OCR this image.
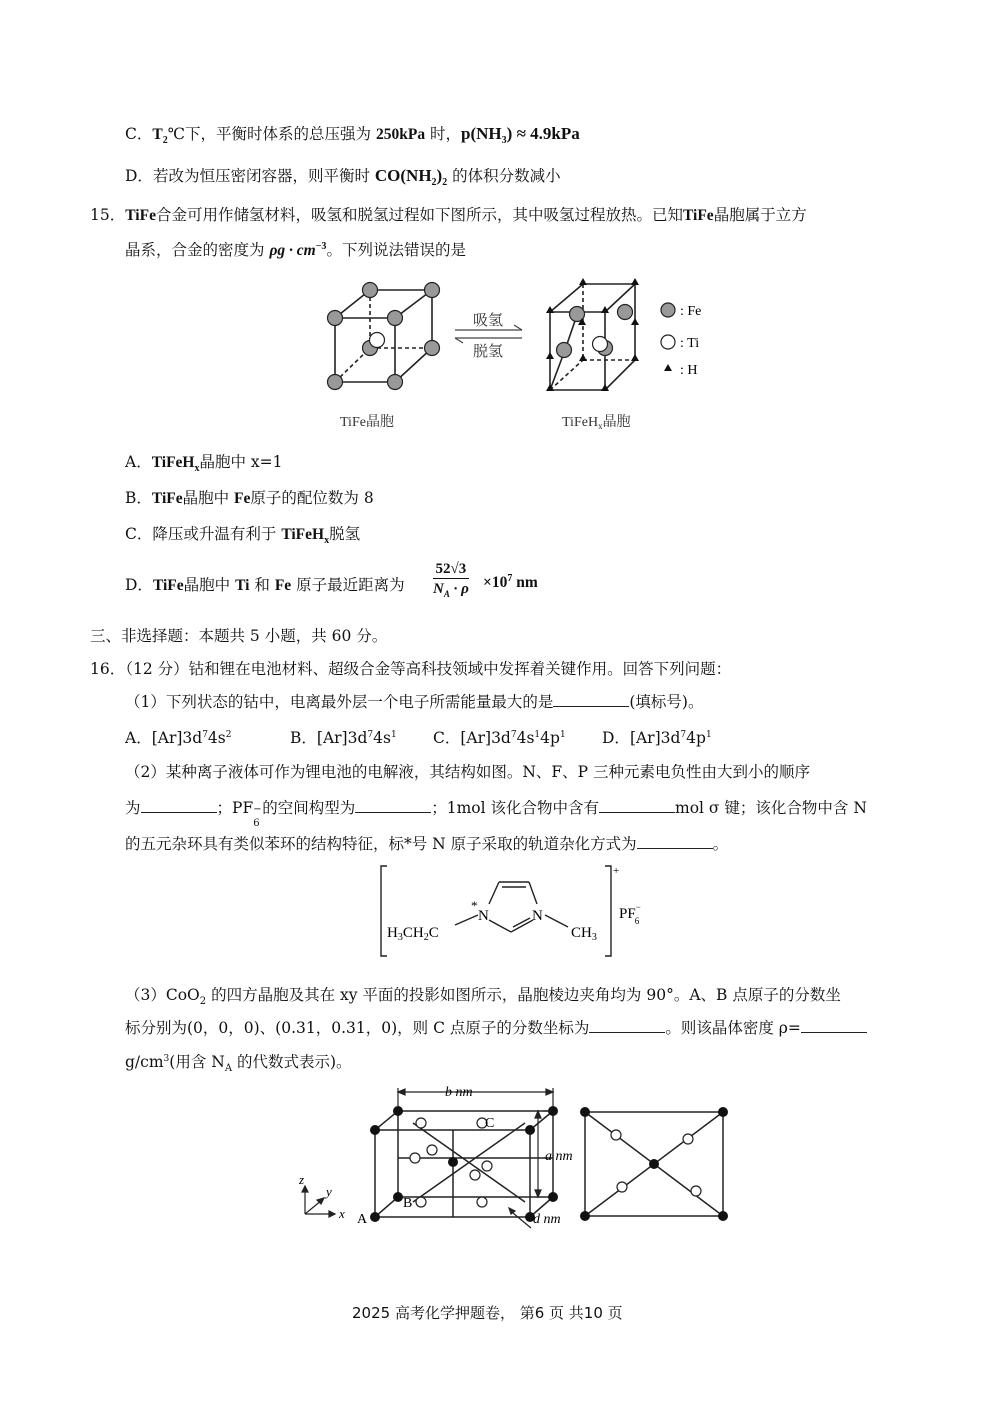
C．$T_2℃$下，平衡时体系的总压强为 250kPa 时，$p(NH_3) \approx 4.9kPa$
D．若改为恒压密闭容器，则平衡时 $CO(NH_2)_2$ 的体积分数减小
15．TiFe合金可用作储氢材料，吸氢和脱氢过程如下图所示，其中吸氢过程放热。已知TiFe晶胞属于立方
晶系，合金的密度为 $\rho g \cdot cm^{-3}$。下列说法错误的是
吸氢
脱氢
: Fe
: Ti
: H
TiFe晶胞	TiFeH$_x$晶胞
A．TiFeH$_x$晶胞中 x=1
B．TiFe晶胞中 Fe原子的配位数为 8
C．降压或升温有利于 TiFeH$_x$脱氢
D．TiFe晶胞中 Ti 和 Fe 原子最近距离为
52√3
$N_A \cdot \rho \times 10^7$ nm
三、非选择题：本题共 5 小题，共 60 分。
16．（12 分）钴和锂在电池材料、超级合金等高科技领域中发挥着关键作用。回答下列问题：
（1）下列状态的钴中，电离最外层一个电子所需能量最大的是	(填标号)。
A．$[Ar]3d^74s^2$	B．$[Ar]3d^74s^1$ C．$[Ar]3d^74s^14p^1$ D．$[Ar]3d^74p^1$
（2）某种离子液体可作为锂电池的电解液，其结构如图。N、F、P 三种元素电负性由大到小的顺序
为	；PF −
6
的空间构型为	；1mol 该化合物中含有	mol σ 键；该化合物中含 N
的五元杂环具有类似苯环的结构特征，标*号 N 原子采取的轨道杂化方式为	。
$H_3CH_2C$
*
N	N
$CH_3$
+
PF− 6
（3）CoO$_2$ 的四方晶胞及其在 xy 平面的投影如图所示，晶胞棱边夹角均为 90°。A、B 点原子的分数坐
标分别为(0，0，0)、(0.31，0.31，0)，则 C 点原子的分数坐标为	。则该晶体密度 ρ=
$g/cm^3$(用含 $N_A$ 的代数式表示)。
b nm
a nm
d nm
A
B
C
x
y
z
2025 高考化学押题卷， 第6 页 共10 页
